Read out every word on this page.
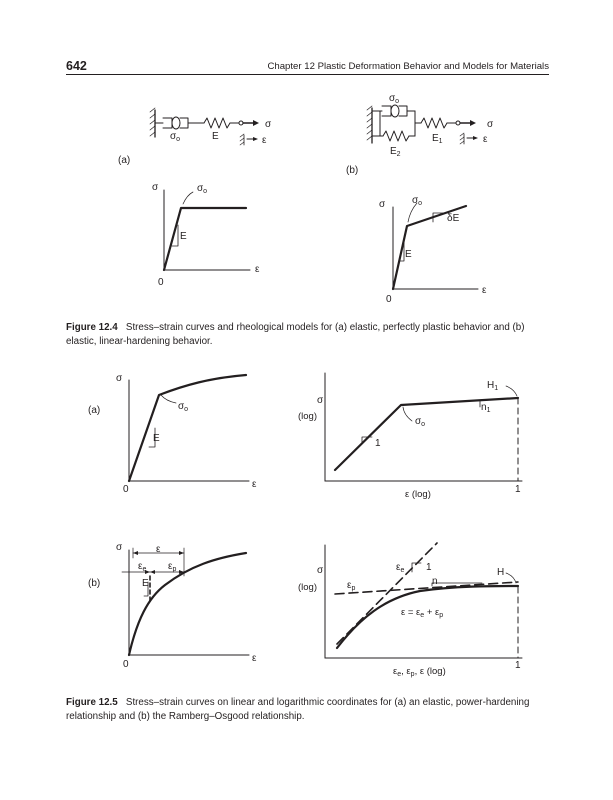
642	Chapter 12 Plastic Deformation Behavior and Models for Materials
σ
ε
$\sigma_o$	E
(a)
σ
ε
0
$\sigma_o$
E
σ
ε
$\sigma_o$
$E_1$
$E_2$
(b)
σ
ε
0
$\sigma_o$
E
δE
σ
ε
0
$\sigma_o$
E
(a)
σ
(log)
ε (log)	1
$\sigma_o$
1
$H_1$
$n_1$
σ
ε
0
ε
$\varepsilon_e$ $\varepsilon_p$
E
(b)
σ
(log)
1
$\varepsilon_e$ 1
$\varepsilon_p$
n
H
$\varepsilon = \varepsilon_e + \varepsilon_p$
$\varepsilon_e$, $\varepsilon_p$, ε (log)
Figure 12.4 Stress–strain curves and rheological models for (a) elastic, perfectly plastic behavior and (b) elastic, linear-hardening behavior.
Figure 12.5 Stress–strain curves on linear and logarithmic coordinates for (a) an elastic, power-hardening relationship and (b) the Ramberg–Osgood relationship.
